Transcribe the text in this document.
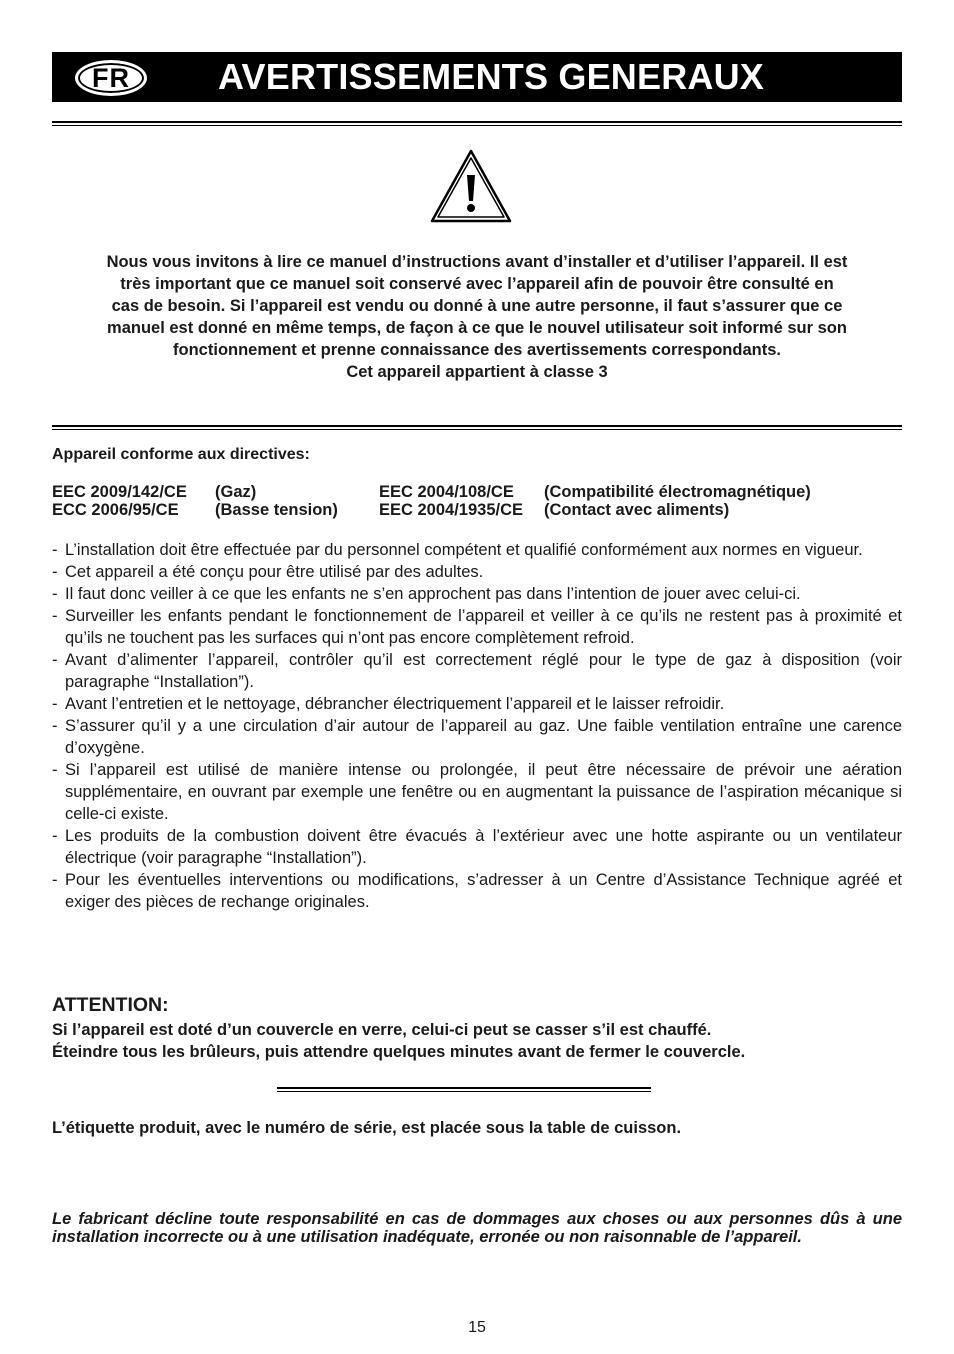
FR AVERTISSEMENTS GENERAUX
Nous vous invitons à lire ce manuel d’instructions avant d’installer et d’utiliser l’appareil. Il est
très important que ce manuel soit conservé avec l’appareil afin de pouvoir être consulté en
cas de besoin. Si l’appareil est vendu ou donné à une autre personne, il faut s’assurer que ce
manuel est donné en même temps, de façon à ce que le nouvel utilisateur soit informé sur son
fonctionnement et prenne connaissance des avertissements correspondants.
Cet appareil appartient à classe 3
Appareil conforme aux directives:
EEC 2009/142/CE (Gaz)	EEC 2004/108/CE (Compatibilité électromagnétique)
ECC 2006/95/CE (Basse tension) EEC 2004/1935/CE (Contact avec aliments)
- L’installation doit être effectuée par du personnel compétent et qualifié conformément aux normes en vigueur.
- Cet appareil a été conçu pour être utilisé par des adultes.
- Il faut donc veiller à ce que les enfants ne s’en approchent pas dans l’intention de jouer avec celui-ci.
- Surveiller les enfants pendant le fonctionnement de l’appareil et veiller à ce qu’ils ne restent pas à proximité et qu’ils ne touchent pas les surfaces qui n’ont pas encore complètement refroid.
- Avant d’alimenter l’appareil, contrôler qu’il est correctement réglé pour le type de gaz à disposition (voir paragraphe “Installation”).
- Avant l’entretien et le nettoyage, débrancher électriquement l’appareil et le laisser refroidir.
- S’assurer qu’il y a une circulation d’air autour de l’appareil au gaz. Une faible ventilation entraîne une carence d’oxygène.
- Si l’appareil est utilisé de manière intense ou prolongée, il peut être nécessaire de prévoir une aération supplémentaire, en ouvrant par exemple une fenêtre ou en augmentant la puissance de l’aspiration mécanique si celle-ci existe.
- Les produits de la combustion doivent être évacués à l’extérieur avec une hotte aspirante ou un ventilateur électrique (voir paragraphe “Installation”).
- Pour les éventuelles interventions ou modifications, s’adresser à un Centre d’Assistance Technique agréé et exiger des pièces de rechange originales.
ATTENTION:
Si l’appareil est doté d’un couvercle en verre, celui-ci peut se casser s’il est chauffé.
Éteindre tous les brûleurs, puis attendre quelques minutes avant de fermer le couvercle.
L’étiquette produit, avec le numéro de série, est placée sous la table de cuisson.
Le fabricant décline toute responsabilité en cas de dommages aux choses ou aux personnes dûs à une installation incorrecte ou à une utilisation inadéquate, erronée ou non raisonnable de l’appareil.
15
